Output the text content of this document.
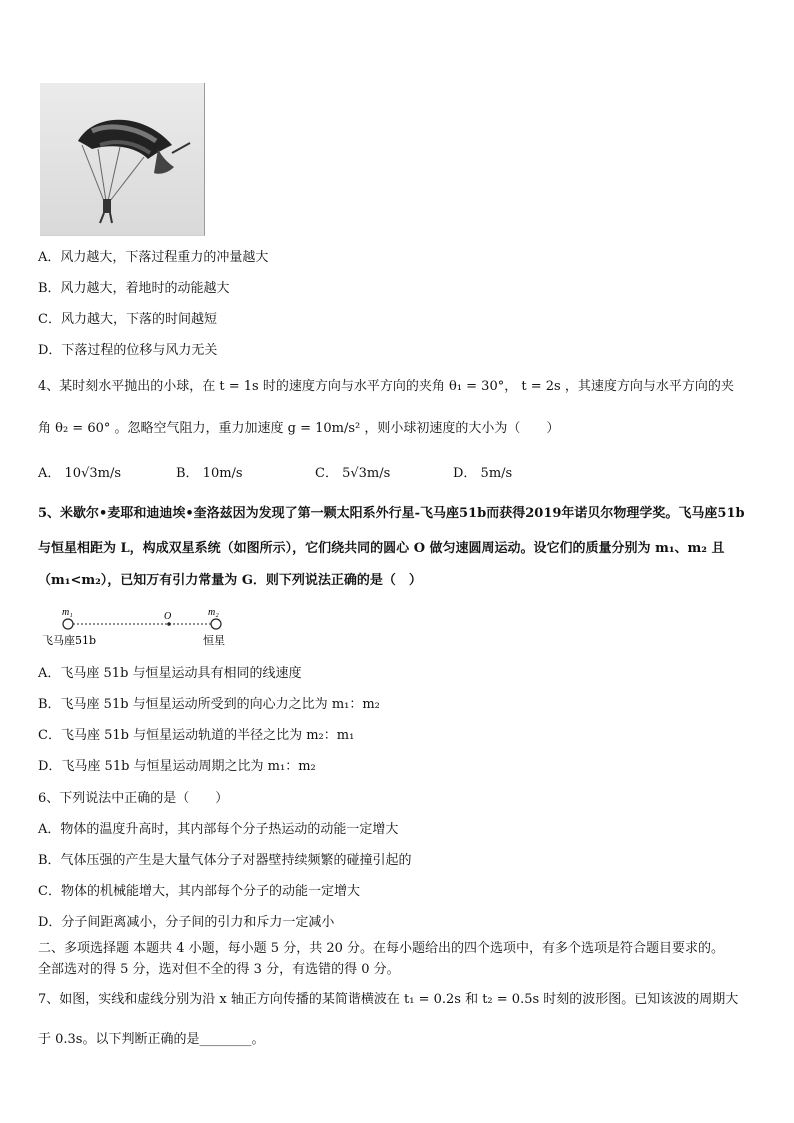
A．风力越大，下落过程重力的冲量越大
B．风力越大，着地时的动能越大
C．风力越大，下落的时间越短
D．下落过程的位移与风力无关
4、某时刻水平抛出的小球，在 t = 1s 时的速度方向与水平方向的夹角 θ₁ = 30°， t = 2s ，其速度方向与水平方向的夹
角 θ₂ = 60° 。忽略空气阻力，重力加速度 g = 10m/s² ，则小球初速度的大小为（　　）
A． 10√3m/s	B． 10m/s	C． 5√3m/s	D． 5m/s
5、米歇尔•麦耶和迪迪埃•奎洛兹因为发现了第一颗太阳系外行星-飞马座51b而获得2019年诺贝尔物理学奖。飞马座51b
与恒星相距为 L，构成双星系统（如图所示），它们绕共同的圆心 O 做匀速圆周运动。设它们的质量分别为 m₁、m₂ 且
（m₁<m₂），已知万有引力常量为 G．则下列说法正确的是（　）
m₁	O	m₂
飞马座51b	恒星
A．飞马座 51b 与恒星运动具有相同的线速度
B．飞马座 51b 与恒星运动所受到的向心力之比为 m₁：m₂
C．飞马座 51b 与恒星运动轨道的半径之比为 m₂：m₁
D．飞马座 51b 与恒星运动周期之比为 m₁：m₂
6、下列说法中正确的是（　　）
A．物体的温度升高时，其内部每个分子热运动的动能一定增大
B．气体压强的产生是大量气体分子对器壁持续频繁的碰撞引起的
C．物体的机械能增大，其内部每个分子的动能一定增大
D．分子间距离减小，分子间的引力和斥力一定减小
二、多项选择题 本题共 4 小题，每小题 5 分，共 20 分。在每小题给出的四个选项中，有多个选项是符合题目要求的。
全部选对的得 5 分，选对但不全的得 3 分，有选错的得 0 分。
7、如图，实线和虚线分别为沿 x 轴正方向传播的某简谐横波在 t₁ = 0.2s 和 t₂ = 0.5s 时刻的波形图。已知该波的周期大
于 0.3s。以下判断正确的是________。
